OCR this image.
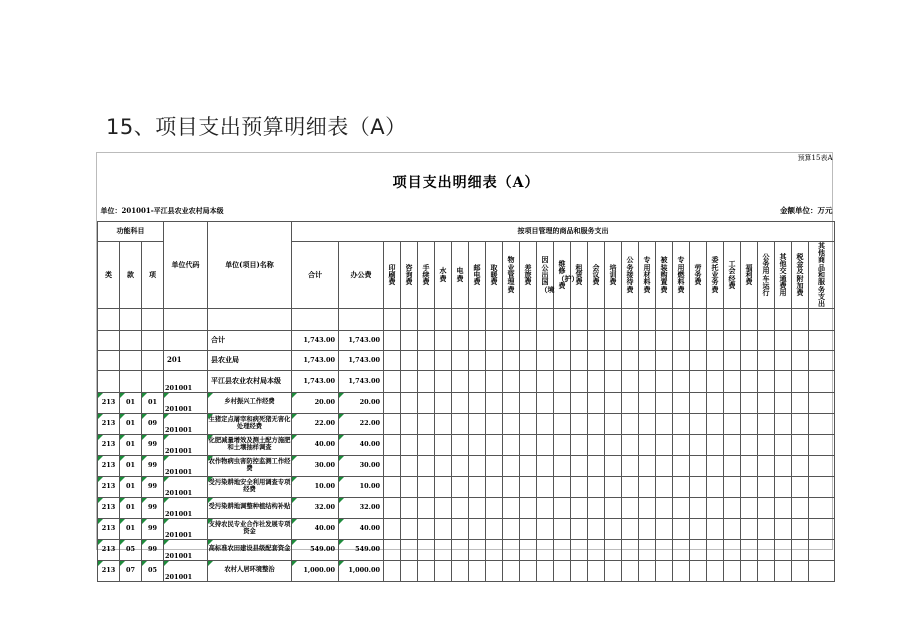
15、项目支出预算明细表（A）
																														预算15表A		
项目支出明细表（A）																																
单位：201001-平江县农业农村局本级																														金额单位：万元		
功能科目			单位代码	单位(项目)名称	按项目管理的商品和服务支出																											
类	款	项			合计	办公费	印刷费	咨询费	手续费	水费	电费	邮电费	取暖费	物业管理费	差旅费	因公出国（境	维修（护）费	租赁费	会议费	培训费	公务接待费	专用材料费	被装购置费	专用燃料费	劳务费	委托业务费	工会经费	福利费	公务用车运行	其他交通费用	税金及附加费	其他商品和服务支出

				合计	1,743.00	1,743.00																										
			201	县农业局	1,743.00	1,743.00																										
			201001	平江县农业农村局本级	1,743.00	1,743.00																										
213	01	01	201001	乡村振兴工作经费	20.00	20.00																										
213	01	09	201001	生猪定点屠宰和病死猪无害化处理经费	22.00	22.00																										
213	01	99	201001	化肥减量增效及测土配方施肥和土壤抽样调查	40.00	40.00																										
213	01	99	201001	农作物病虫害防控监测工作经费	30.00	30.00																										
213	01	99	201001	受污染耕地安全利用调查专项经费	10.00	10.00																										
213	01	99	201001	受污染耕地调整种植结构补贴	32.00	32.00																										
213	01	99	201001	支持农民专业合作社发展专项资金	40.00	40.00																										
213	05	99	201001	高标准农田建设县级配套资金	549.00	549.00																										
213	07	05	201001	农村人居环境整治	1,000.00	1,000.00																										
